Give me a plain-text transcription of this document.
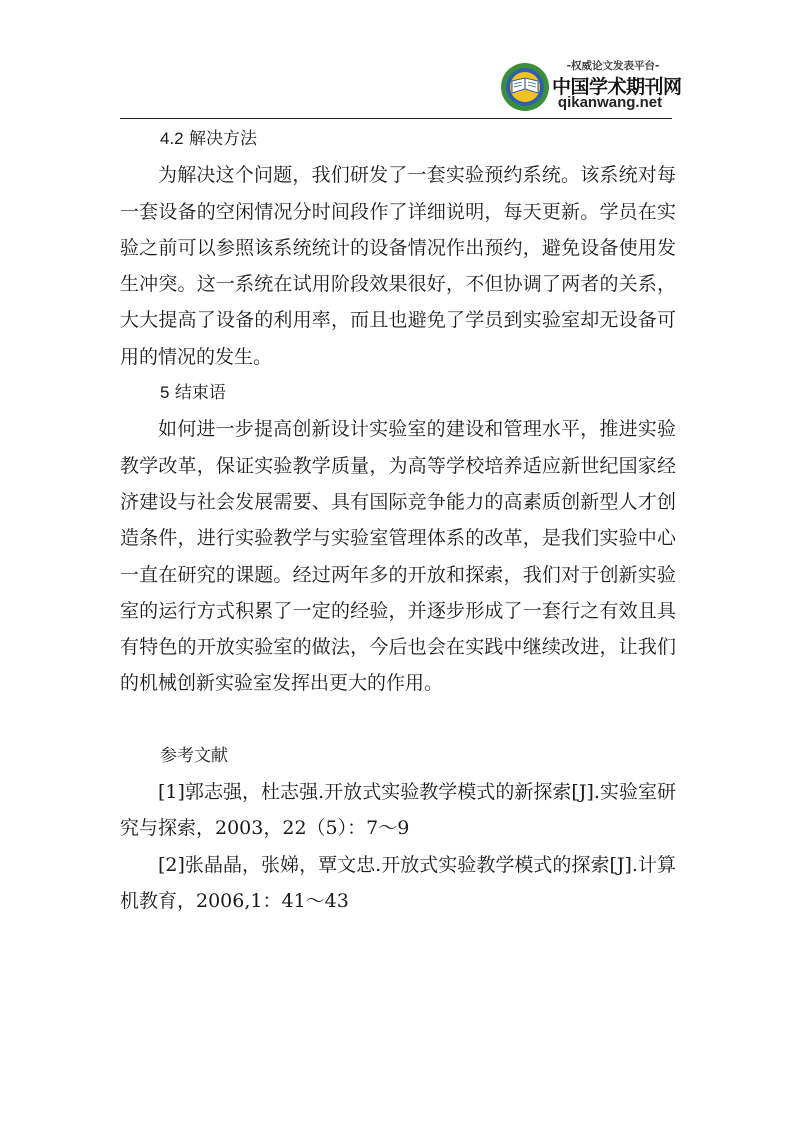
-权威论文发表平台-
中国学术期刊网
qikanwang.net
4.2 解决方法

为解决这个问题，我们研发了一套实验预约系统。该系统对每一套设备的空闲情况分时间段作了详细说明，每天更新。学员在实验之前可以参照该系统统计的设备情况作出预约，避免设备使用发生冲突。这一系统在试用阶段效果很好，不但协调了两者的关系，大大提高了设备的利用率，而且也避免了学员到实验室却无设备可用的情况的发生。

5 结束语

如何进一步提高创新设计实验室的建设和管理水平，推进实验教学改革，保证实验教学质量，为高等学校培养适应新世纪国家经济建设与社会发展需要、具有国际竞争能力的高素质创新型人才创造条件，进行实验教学与实验室管理体系的改革，是我们实验中心一直在研究的课题。经过两年多的开放和探索，我们对于创新实验室的运行方式积累了一定的经验，并逐步形成了一套行之有效且具有特色的开放实验室的做法，今后也会在实践中继续改进，让我们的机械创新实验室发挥出更大的作用。

参考文献

[1]郭志强，杜志强.开放式实验教学模式的新探索[J].实验室研究与探索，2003，22（5）：7～9

[2]张晶晶，张娣，覃文忠.开放式实验教学模式的探索[J].计算机教育，2006,1：41～43
